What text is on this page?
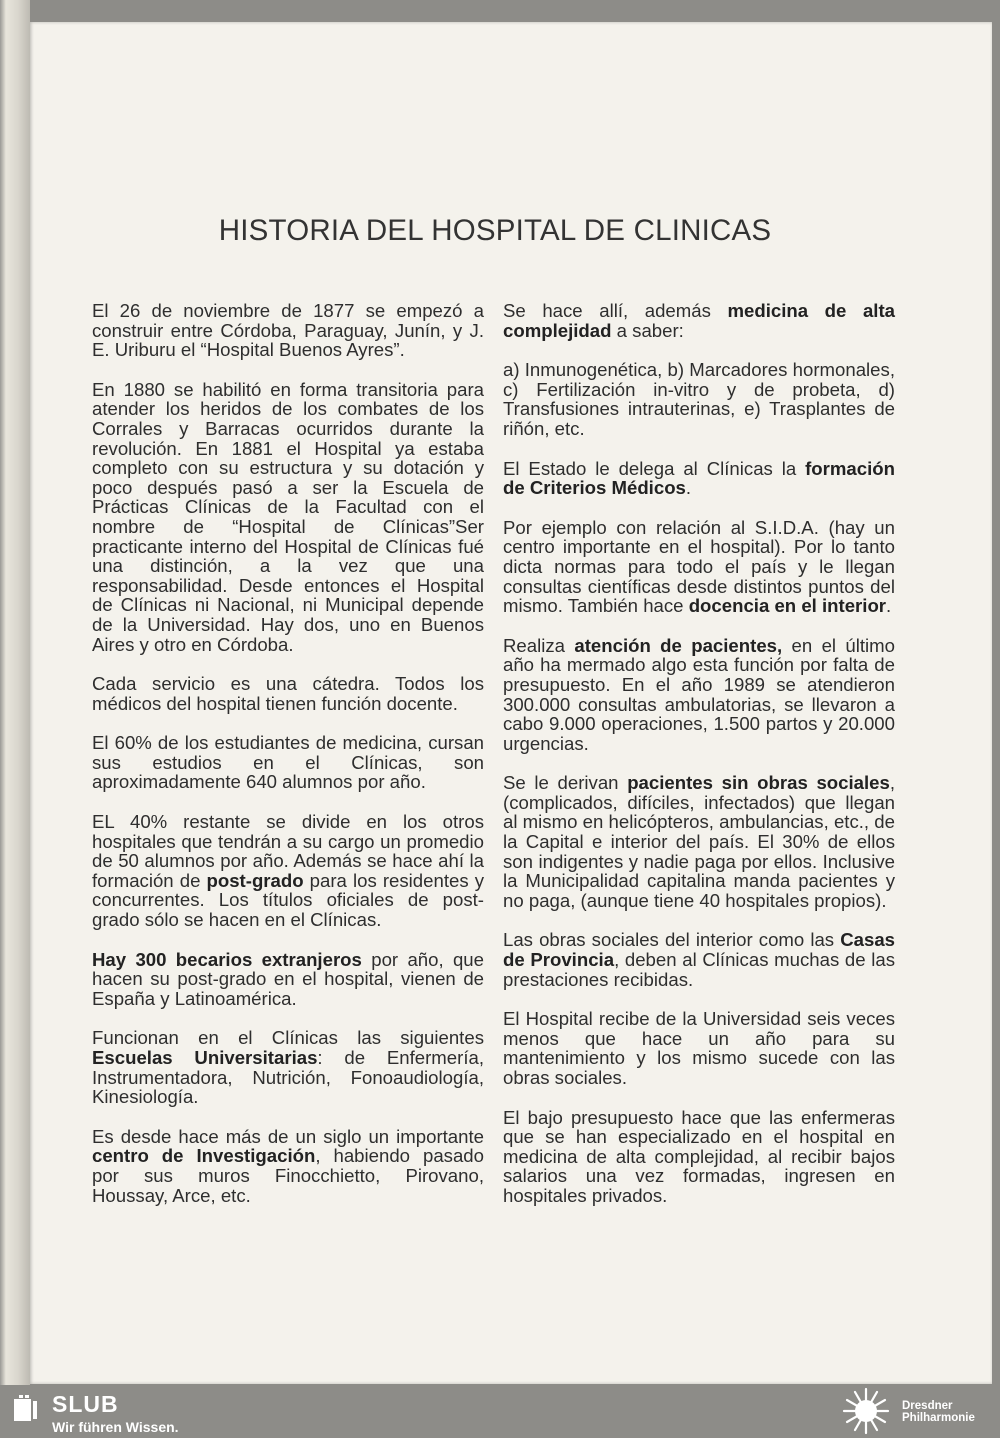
HISTORIA DEL HOSPITAL DE CLINICAS

El 26 de noviembre de 1877 se empezó a construir entre Córdoba, Paraguay, Junín, y J. E. Uriburu el “Hospital Buenos Ayres”.

En 1880 se habilitó en forma transitoria para atender los heridos de los combates de los Corrales y Barracas ocurridos durante la revolución. En 1881 el Hospital ya estaba completo con su estructura y su dotación y poco después pasó a ser la Escuela de Prácticas Clínicas de la Facultad con el nombre de “Hospital de Clínicas”Ser practicante interno del Hospital de Clínicas fué una distinción, a la vez que una responsabilidad. Desde entonces el Hospital de Clínicas ni Nacional, ni Municipal depende de la Universidad. Hay dos, uno en Buenos Aires y otro en Córdoba.

Cada servicio es una cátedra. Todos los médicos del hospital tienen función docente.

El 60% de los estudiantes de medicina, cursan sus estudios en el Clínicas, son aproximadamente 640 alumnos por año.

EL 40% restante se divide en los otros hospitales que tendrán a su cargo un promedio de 50 alumnos por año. Además se hace ahí la formación de post-grado para los residentes y concurrentes. Los títulos oficiales de post-grado sólo se hacen en el Clínicas.

Hay 300 becarios extranjeros por año, que hacen su post-grado en el hospital, vienen de España y Latinoamérica.

Funcionan en el Clínicas las siguientes Escuelas Universitarias: de Enfermería, Instrumentadora, Nutrición, Fonoaudiología, Kinesiología.

Es desde hace más de un siglo un importante centro de Investigación, habiendo pasado por sus muros Finocchietto, Pirovano, Houssay, Arce, etc.

Se hace allí, además medicina de alta complejidad a saber:

a) Inmunogenética, b) Marcadores hormonales, c) Fertilización in-vitro y de probeta, d) Transfusiones intrauterinas, e) Trasplantes de riñón, etc.

El Estado le delega al Clínicas la formación de Criterios Médicos.

Por ejemplo con relación al S.I.D.A. (hay un centro importante en el hospital). Por lo tanto dicta normas para todo el país y le llegan consultas científicas desde distintos puntos del mismo. También hace docencia en el interior.

Realiza atención de pacientes, en el último año ha mermado algo esta función por falta de presupuesto. En el año 1989 se atendieron 300.000 consultas ambulatorias, se llevaron a cabo 9.000 operaciones, 1.500 partos y 20.000 urgencias.

Se le derivan pacientes sin obras sociales, (complicados, difíciles, infectados) que llegan al mismo en helicópteros, ambulancias, etc., de la Capital e interior del país. El 30% de ellos son indigentes y nadie paga por ellos. Inclusive la Municipalidad capitalina manda pacientes y no paga, (aunque tiene 40 hospitales propios).

Las obras sociales del interior como las Casas de Provincia, deben al Clínicas muchas de las prestaciones recibidas.

El Hospital recibe de la Universidad seis veces menos que hace un año para su mantenimiento y los mismo sucede con las obras sociales.

El bajo presupuesto hace que las enfermeras que se han especializado en el hospital en medicina de alta complejidad, al recibir bajos salarios una vez formadas, ingresen en hospitales privados.

SLUB
Wir führen Wissen.
Dresdner
Philharmonie
